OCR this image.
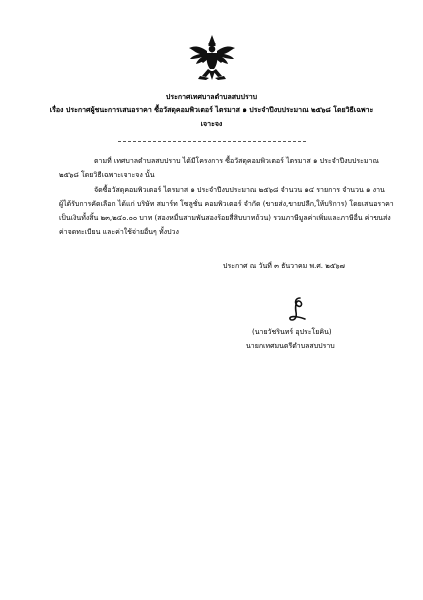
ประกาศเทศบาลตำบลสบปราบ
เรื่อง ประกาศผู้ชนะการเสนอราคา ซื้อวัสดุคอมพิวเตอร์ ไตรมาส ๑ ประจำปีงบประมาณ ๒๕๖๘ โดยวิธีเฉพาะ
เจาะจง
ตามที่ เทศบาลตำบลสบปราบ ได้มีโครงการ ซื้อวัสดุคอมพิวเตอร์ ไตรมาส ๑ ประจำปีงบประมาณ
๒๕๖๘ โดยวิธีเฉพาะเจาะจง นั้น
จัดซื้อวัสดุคอมพิวเตอร์ ไตรมาส ๑ ประจำปีงบประมาณ ๒๕๖๘ จำนวน ๑๔ รายการ จำนวน ๑ งาน
ผู้ได้รับการคัดเลือก ได้แก่ บริษัท สมาร์ท โซลูชั่น คอมพิวเตอร์ จำกัด (ขายส่ง,ขายปลีก,ให้บริการ) โดยเสนอราคา
เป็นเงินทั้งสิ้น ๒๓,๒๔๐.๐๐ บาท (สองหมื่นสามพันสองร้อยสี่สิบบาทถ้วน) รวมภาษีมูลค่าเพิ่มและภาษีอื่น ค่าขนส่ง
ค่าจดทะเบียน และค่าใช้จ่ายอื่นๆ ทั้งปวง
ประกาศ ณ วันที่ ๓ ธันวาคม พ.ศ. ๒๕๖๗
(นายวัชรินทร์ อุประโยคิน)
นายกเทศมนตรีตำบลสบปราบ
